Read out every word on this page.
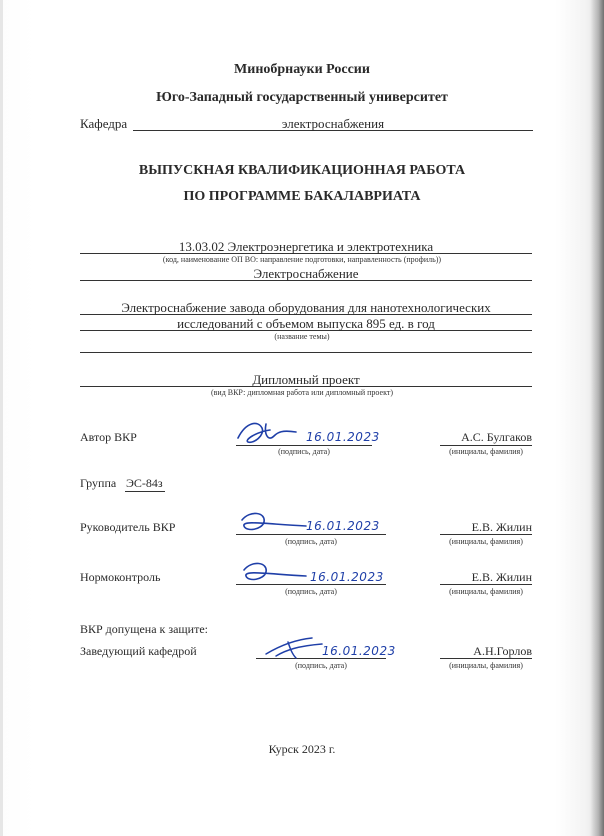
Минобрнауки России
Юго-Западный государственный университет
Кафедра	электроснабжения
ВЫПУСКНАЯ КВАЛИФИКАЦИОННАЯ РАБОТА
ПО ПРОГРАММЕ БАКАЛАВРИАТА
13.03.02 Электроэнергетика и электротехника
(код, наименование ОП ВО: направление подготовки, направленность (профиль))
Электроснабжение
Электроснабжение завода оборудования для нанотехнологических
исследований с объемом выпуска 895 ед. в год
(название темы)
Дипломный проект
(вид ВКР: дипломная работа или дипломный проект)
Автор ВКР	16.01.2023
(подпись, дата)
А.С. Булгаков
(инициалы, фамилия)
Группа ЭС-84з
Руководитель ВКР	16.01.2023
(подпись, дата)
Е.В. Жилин
(инициалы, фамилия)
Нормоконтроль	16.01.2023
(подпись, дата)
Е.В. Жилин
(инициалы, фамилия)
ВКР допущена к защите:
Заведующий кафедрой	16.01.2023
(подпись, дата)
А.Н.Горлов
(инициалы, фамилия)
Курск 2023 г.
